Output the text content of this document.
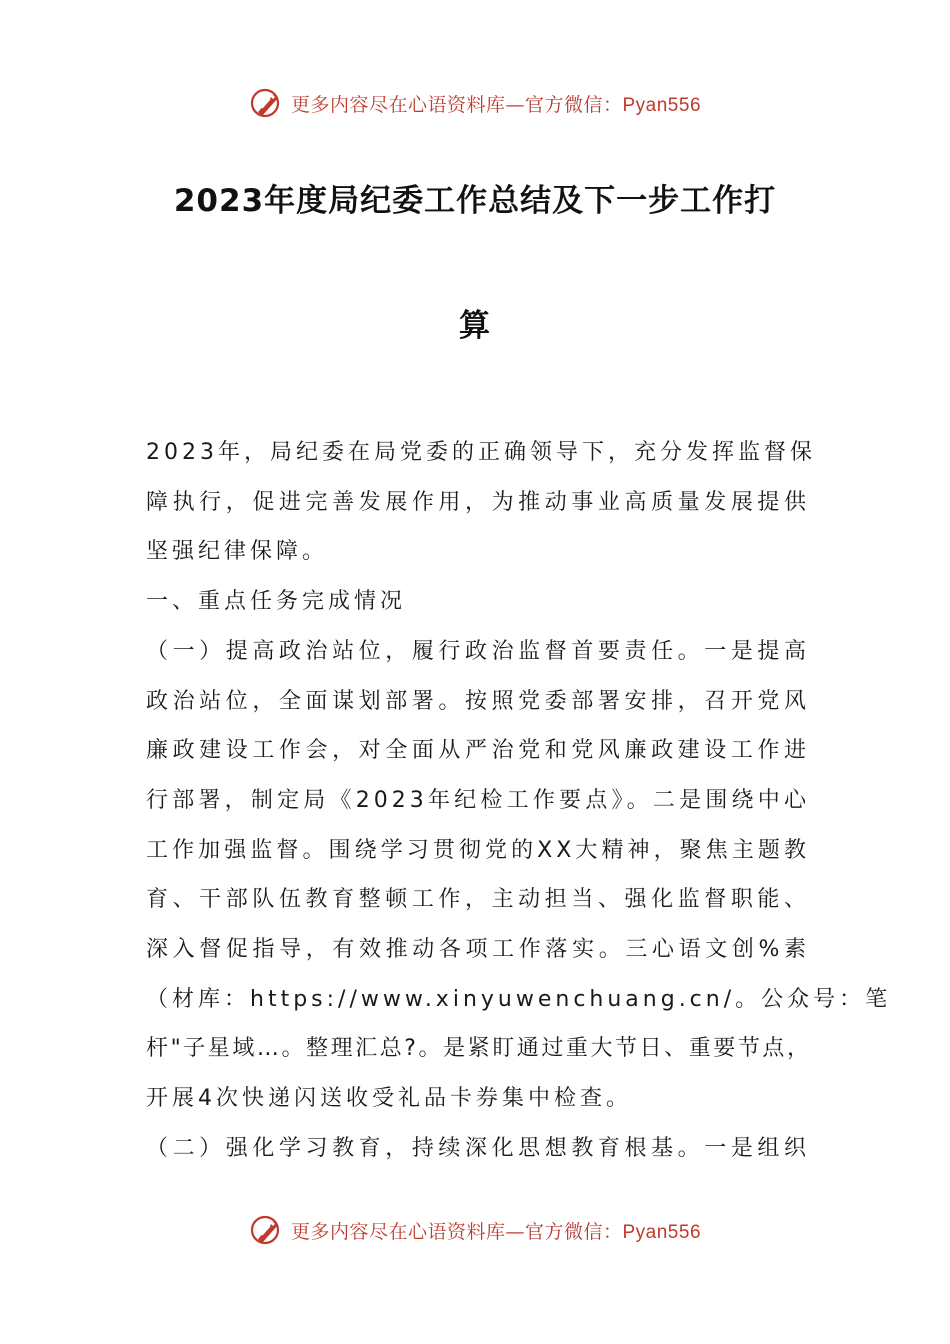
更多内容尽在心语资料库—官方微信：Pyan556
2023年度局纪委工作总结及下一步工作打
算
2023年，局纪委在局党委的正确领导下，充分发挥监督保
障执行，促进完善发展作用，为推动事业高质量发展提供
坚强纪律保障。
一、重点任务完成情况
（一）提高政治站位，履行政治监督首要责任。一是提高
政治站位，全面谋划部署。按照党委部署安排，召开党风
廉政建设工作会，对全面从严治党和党风廉政建设工作进
行部署，制定局《2023年纪检工作要点》。二是围绕中心
工作加强监督。围绕学习贯彻党的XX大精神，聚焦主题教
育、干部队伍教育整顿工作，主动担当、强化监督职能、
深入督促指导，有效推动各项工作落实。三心语文创%素
（材库：https://www.xinyuwenchuang.cn/。公众号：笔
杆"子星域…。整理汇总?。是紧盯通过重大节日、重要节点，
开展4次快递闪送收受礼品卡券集中检查。
（二）强化学习教育，持续深化思想教育根基。一是组织
更多内容尽在心语资料库—官方微信：Pyan556
